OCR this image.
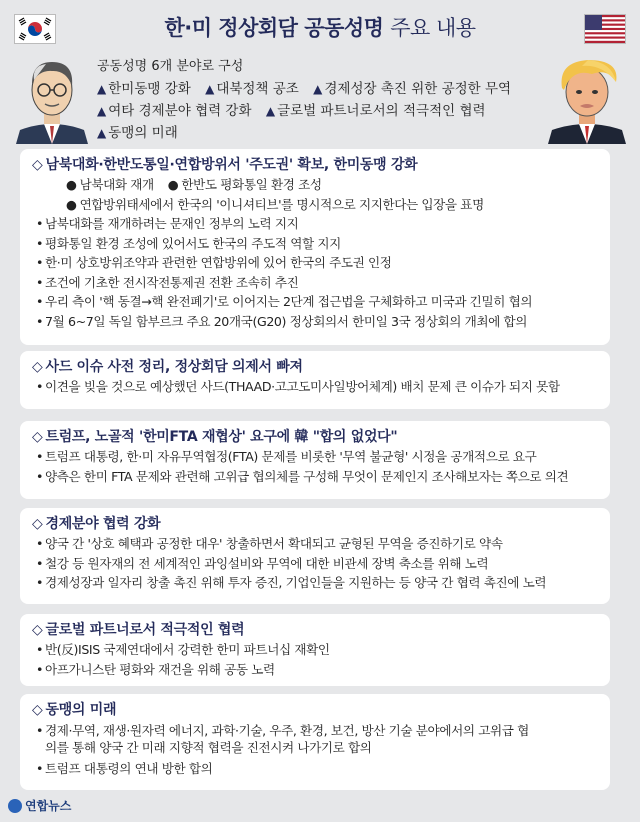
한·미 정상회담 공동성명 주요 내용
공동성명 6개 분야로 구성
▲ 한미동맹 강화 ▲ 대북정책 공조 ▲ 경제성장 촉진 위한 공정한 무역
▲ 여타 경제분야 협력 강화 ▲ 글로벌 파트너로서의 적극적인 협력
▲ 동맹의 미래
◇ 남북대화·한반도통일·연합방위서 '주도권' 확보, 한미동맹 강화
● 남북대화 재개 ● 한반도 평화통일 환경 조성
● 연합방위태세에서 한국의 '이니셔티브'를 명시적으로 지지한다는 입장을 표명
• 남북대화를 재개하려는 문재인 정부의 노력 지지
• 평화통일 환경 조성에 있어서도 한국의 주도적 역할 지지
• 한·미 상호방위조약과 관련한 연합방위에 있어 한국의 주도권 인정
• 조건에 기초한 전시작전통제권 전환 조속히 추진
• 우리 측이 '핵 동결→핵 완전폐기'로 이어지는 2단계 접근법을 구체화하고 미국과 긴밀히 협의
• 7월 6~7일 독일 함부르크 주요 20개국(G20) 정상회의서 한미일 3국 정상회의 개최에 합의
◇ 사드 이슈 사전 정리, 정상회담 의제서 빠져
• 이견을 빚을 것으로 예상했던 사드(THAAD·고고도미사일방어체계) 배치 문제 큰 이슈가 되지 못함
◇ 트럼프, 노골적 '한미FTA 재협상' 요구에 韓 "합의 없었다"
• 트럼프 대통령, 한·미 자유무역협정(FTA) 문제를 비롯한 '무역 불균형' 시정을 공개적으로 요구
• 양측은 한미 FTA 문제와 관련해 고위급 협의체를 구성해 무엇이 문제인지 조사해보자는 쪽으로 의견
◇ 경제분야 협력 강화
• 양국 간 '상호 혜택과 공정한 대우' 창출하면서 확대되고 균형된 무역을 증진하기로 약속
• 철강 등 원자재의 전 세계적인 과잉설비와 무역에 대한 비관세 장벽 축소를 위해 노력
• 경제성장과 일자리 창출 촉진 위해 투자 증진, 기업인들을 지원하는 등 양국 간 협력 촉진에 노력
◇ 글로벌 파트너로서 적극적인 협력
• 반(反)ISIS 국제연대에서 강력한 한미 파트너십 재확인
• 아프가니스탄 평화와 재건을 위해 공동 노력
◇ 동맹의 미래
• 경제·무역, 재생·원자력 에너지, 과학·기술, 우주, 환경, 보건, 방산 기술 분야에서의 고위급 협의를 통해 양국 간 미래 지향적 협력을 진전시켜 나가기로 합의
• 트럼프 대통령의 연내 방한 합의
연합뉴스
